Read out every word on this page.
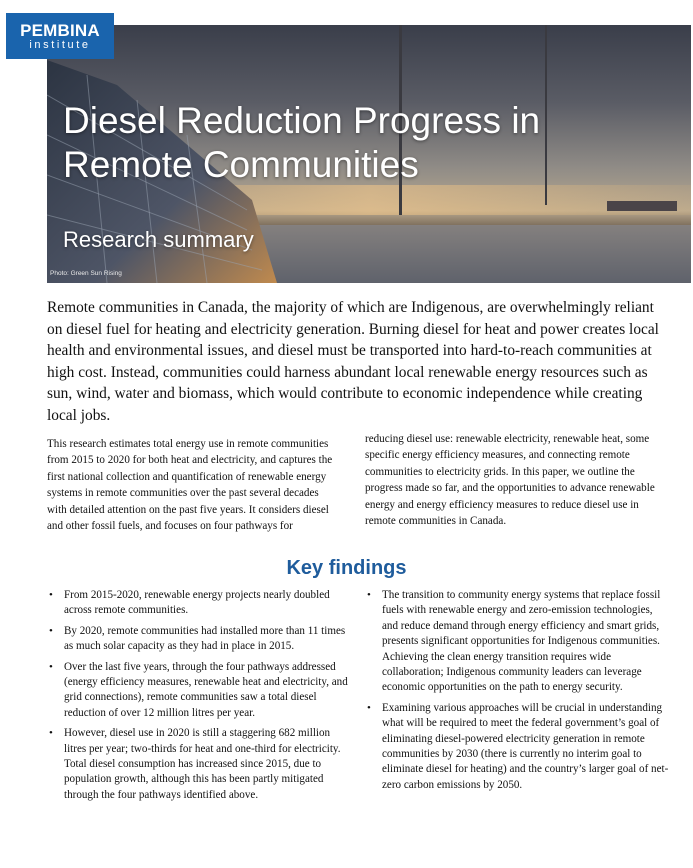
PEMBINA
institute
Diesel Reduction Progress in
Remote Communities
Research summary
Photo: Green Sun Rising

Remote communities in Canada, the majority of which are Indigenous, are overwhelmingly reliant on diesel fuel for heating and electricity generation. Burning diesel for heat and power creates local health and environmental issues, and diesel must be transported into hard-to-reach communities at high cost. Instead, communities could harness abundant local renewable energy resources such as sun, wind, water and biomass, which would contribute to economic independence while creating local jobs.

This research estimates total energy use in remote communities from 2015 to 2020 for both heat and electricity, and captures the first national collection and quantification of renewable energy systems in remote communities over the past several decades with detailed attention on the past five years. It considers diesel and other fossil fuels, and focuses on four pathways for

reducing diesel use: renewable electricity, renewable heat, some specific energy efficiency measures, and connecting remote communities to electricity grids. In this paper, we outline the progress made so far, and the opportunities to advance renewable energy and energy efficiency measures to reduce diesel use in remote communities in Canada.

Key findings
• From 2015-2020, renewable energy projects nearly doubled across remote communities.
• By 2020, remote communities had installed more than 11 times as much solar capacity as they had in place in 2015.
• Over the last five years, through the four pathways addressed (energy efficiency measures, renewable heat and electricity, and grid connections), remote communities saw a total diesel reduction of over 12 million litres per year.
• However, diesel use in 2020 is still a staggering 682 million litres per year; two-thirds for heat and one-third for electricity. Total diesel consumption has increased since 2015, due to population growth, although this has been partly mitigated through the four pathways identified above.
• The transition to community energy systems that replace fossil fuels with renewable energy and zero-emission technologies, and reduce demand through energy efficiency and smart grids, presents significant opportunities for Indigenous communities. Achieving the clean energy transition requires wide collaboration; Indigenous community leaders can leverage economic opportunities on the path to energy security.
• Examining various approaches will be crucial in understanding what will be required to meet the federal government’s goal of eliminating diesel-powered electricity generation in remote communities by 2030 (there is currently no interim goal to eliminate diesel for heating) and the country’s larger goal of net-zero carbon emissions by 2050.
